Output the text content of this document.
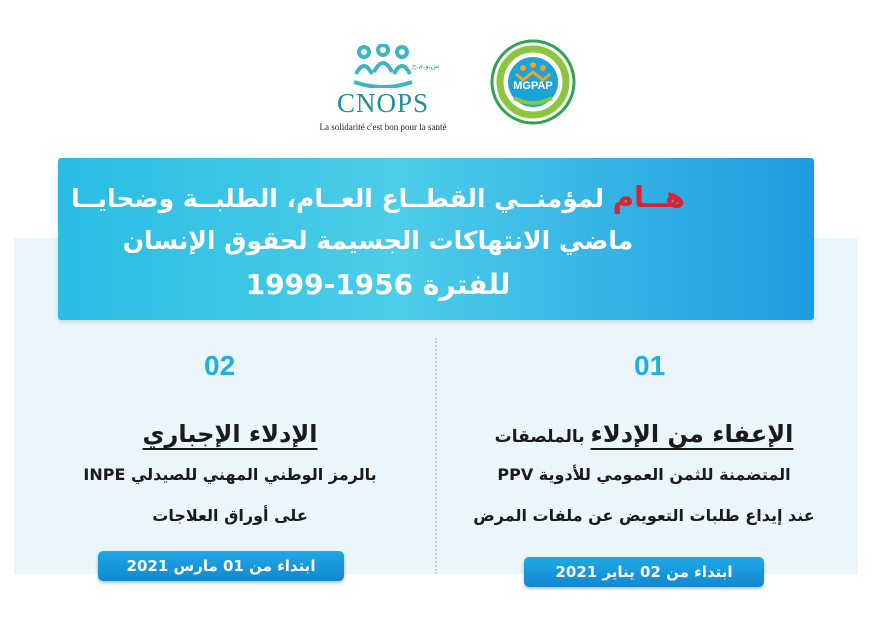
س.و.م.ح
CNOPS
La solidarité c'est bon pour la santé
MGPAP
هــام لمؤمنــي القطــاع العــام، الطلبــة وضحايــا
ماضي الانتهاكات الجسيمة لحقوق الإنسان
للفترة 1956-1999
01
02
الإعفاء من الإدلاء بالملصقات
المتضمنة للثمن العمومي للأدوية PPV
عند إيداع طلبات التعويض عن ملفات المرض
ابتداء من 02 يناير 2021
الإدلاء الإجباري
بالرمز الوطني المهني للصيدلي INPE
على أوراق العلاجات
ابتداء من 01 مارس 2021
